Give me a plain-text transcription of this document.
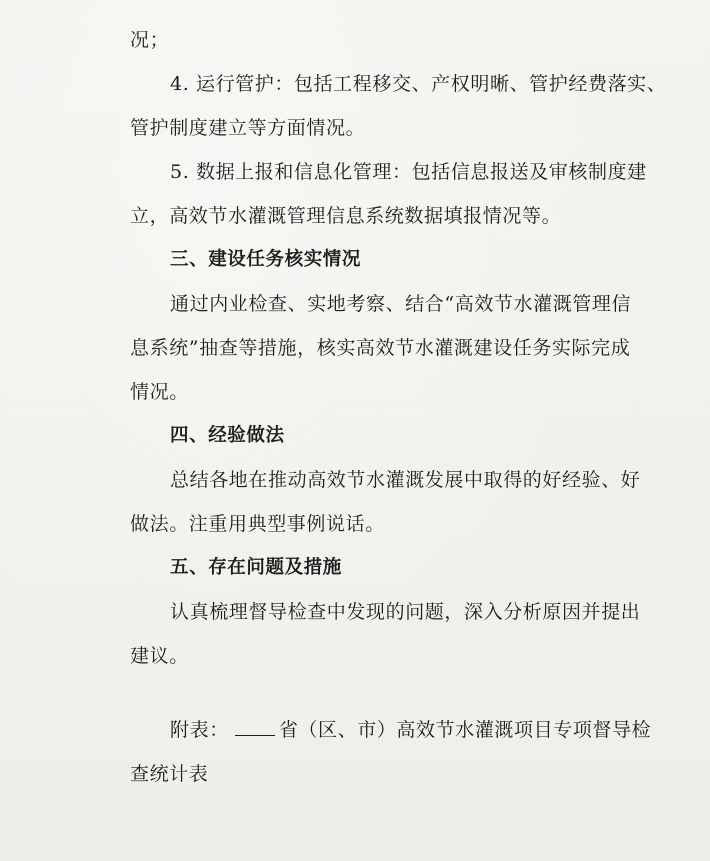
况；
4. 运行管护：包括工程移交、产权明晰、管护经费落实、
管护制度建立等方面情况。
5. 数据上报和信息化管理：包括信息报送及审核制度建
立，高效节水灌溉管理信息系统数据填报情况等。
三、建设任务核实情况
通过内业检查、实地考察、结合“高效节水灌溉管理信
息系统”抽查等措施，核实高效节水灌溉建设任务实际完成
情况。
四、经验做法
总结各地在推动高效节水灌溉发展中取得的好经验、好
做法。注重用典型事例说话。
五、存在问题及措施
认真梳理督导检查中发现的问题，深入分析原因并提出
建议。
附表：	省（区、市）高效节水灌溉项目专项督导检
查统计表
